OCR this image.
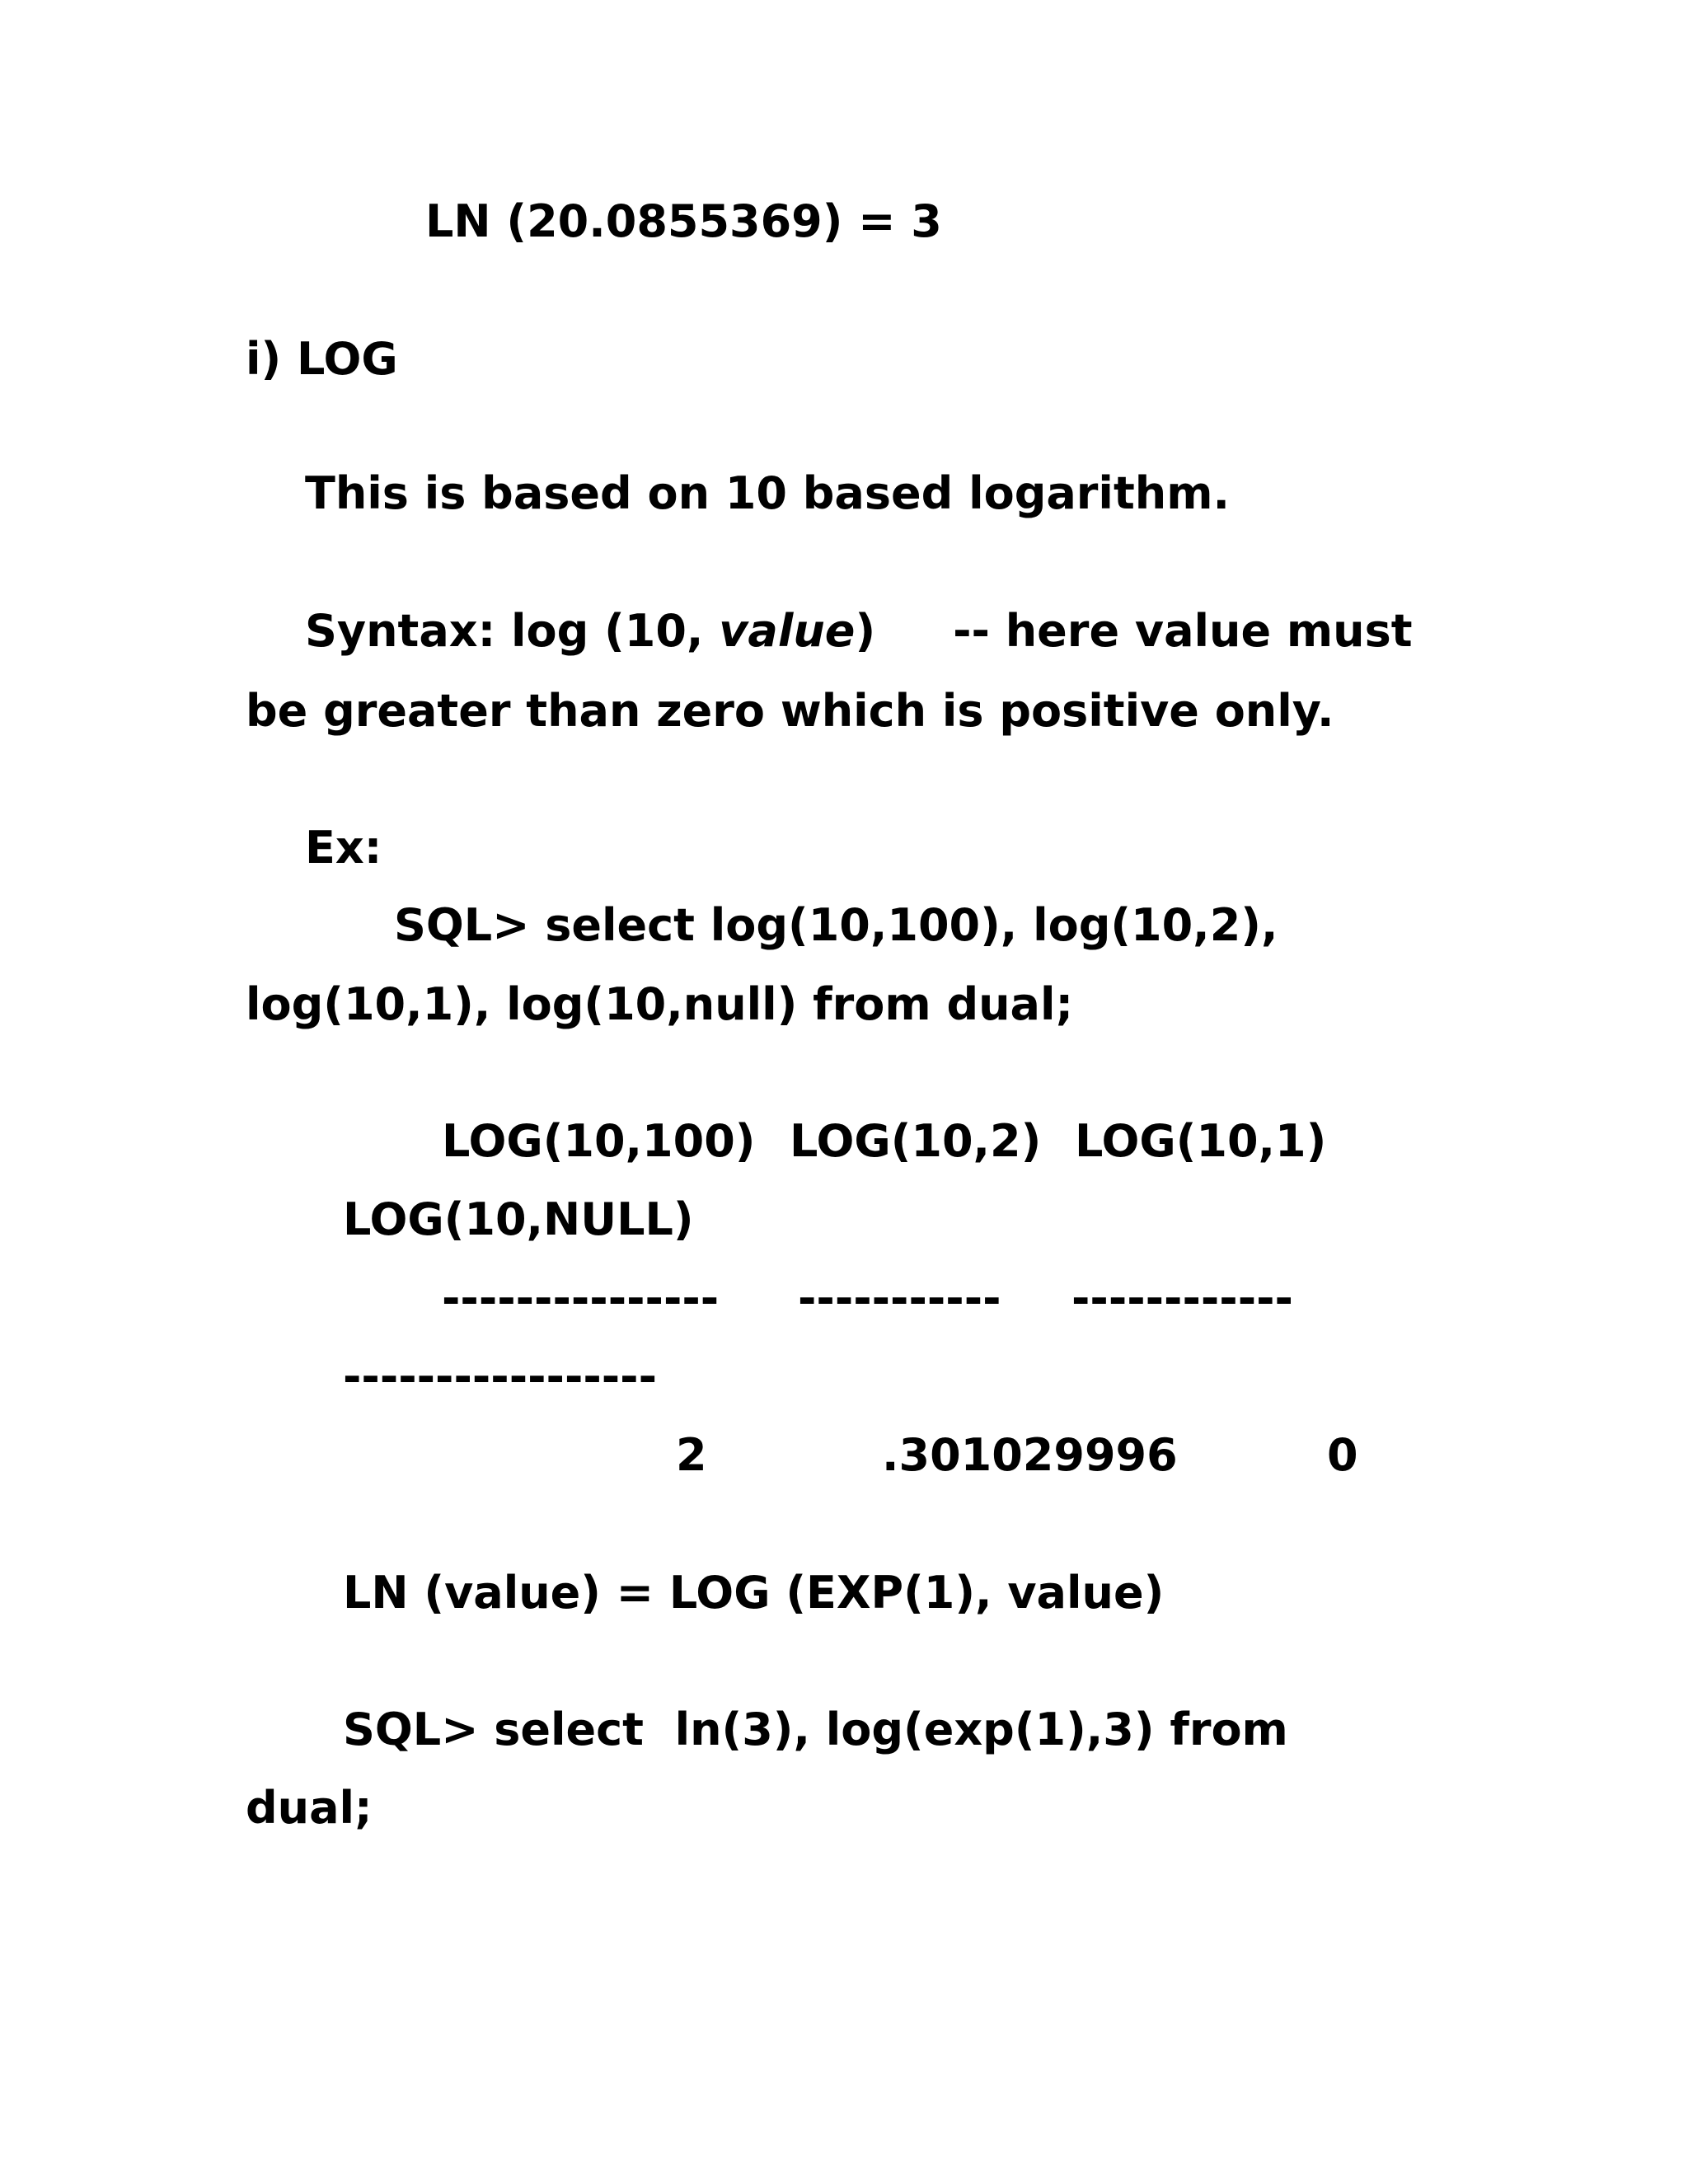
LN (20.0855369) = 3

i) LOG

This is based on 10 based logarithm.

Syntax: log (10, value)     -- here value must

be greater than zero which is positive only.

Ex:

SQL> select log(10,100), log(10,2),

log(10,1), log(10,null) from dual;

LOG(10,100) LOG(10,2) LOG(10,1)
LOG(10,NULL)
--------------- ----------- ------------
-----------------
2	.301029996	0

LN (value) = LOG (EXP(1), value)

SQL> select  ln(3), log(exp(1),3) from

dual;
